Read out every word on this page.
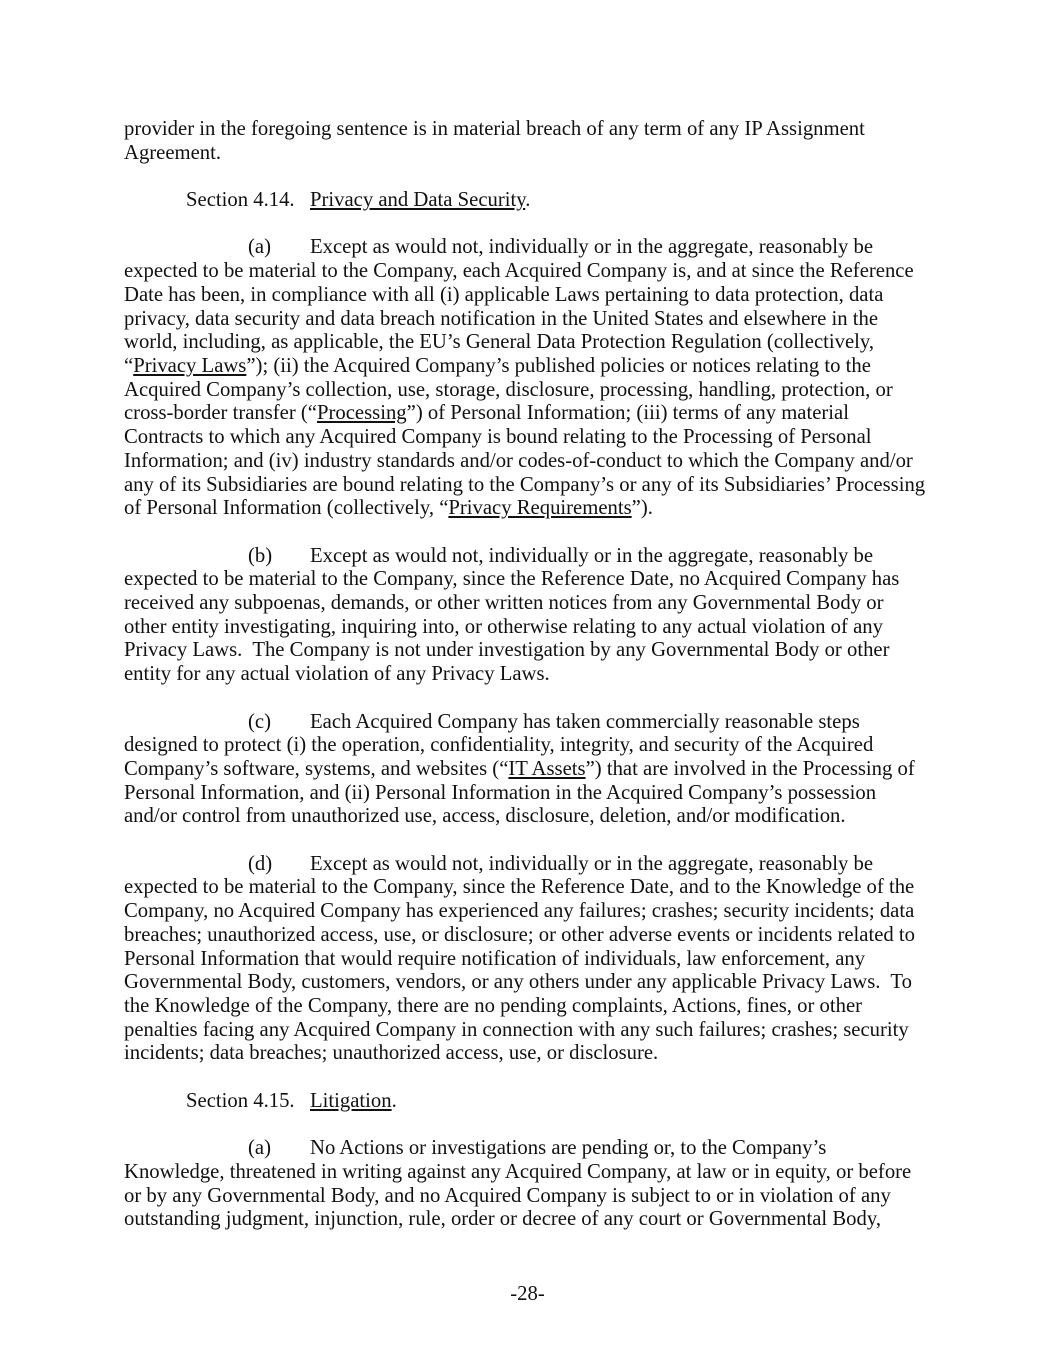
provider in the foregoing sentence is in material breach of any term of any IP Assignment Agreement.

Section 4.14. Privacy and Data Security.

(a) Except as would not, individually or in the aggregate, reasonably be expected to be material to the Company, each Acquired Company is, and at since the Reference Date has been, in compliance with all (i) applicable Laws pertaining to data protection, data privacy, data security and data breach notification in the United States and elsewhere in the world, including, as applicable, the EU’s General Data Protection Regulation (collectively, “Privacy Laws”); (ii) the Acquired Company’s published policies or notices relating to the Acquired Company’s collection, use, storage, disclosure, processing, handling, protection, or cross-border transfer (“Processing”) of Personal Information; (iii) terms of any material Contracts to which any Acquired Company is bound relating to the Processing of Personal Information; and (iv) industry standards and/or codes-of-conduct to which the Company and/or any of its Subsidiaries are bound relating to the Company’s or any of its Subsidiaries’ Processing of Personal Information (collectively, “Privacy Requirements”).

(b) Except as would not, individually or in the aggregate, reasonably be expected to be material to the Company, since the Reference Date, no Acquired Company has received any subpoenas, demands, or other written notices from any Governmental Body or other entity investigating, inquiring into, or otherwise relating to any actual violation of any Privacy Laws.  The Company is not under investigation by any Governmental Body or other entity for any actual violation of any Privacy Laws.

(c) Each Acquired Company has taken commercially reasonable steps designed to protect (i) the operation, confidentiality, integrity, and security of the Acquired Company’s software, systems, and websites (“IT Assets”) that are involved in the Processing of Personal Information, and (ii) Personal Information in the Acquired Company’s possession and/or control from unauthorized use, access, disclosure, deletion, and/or modification.

(d) Except as would not, individually or in the aggregate, reasonably be expected to be material to the Company, since the Reference Date, and to the Knowledge of the Company, no Acquired Company has experienced any failures; crashes; security incidents; data breaches; unauthorized access, use, or disclosure; or other adverse events or incidents related to Personal Information that would require notification of individuals, law enforcement, any Governmental Body, customers, vendors, or any others under any applicable Privacy Laws.  To the Knowledge of the Company, there are no pending complaints, Actions, fines, or other penalties facing any Acquired Company in connection with any such failures; crashes; security incidents; data breaches; unauthorized access, use, or disclosure.

Section 4.15. Litigation.

(a) No Actions or investigations are pending or, to the Company’s Knowledge, threatened in writing against any Acquired Company, at law or in equity, or before or by any Governmental Body, and no Acquired Company is subject to or in violation of any outstanding judgment, injunction, rule, order or decree of any court or Governmental Body,

-28-
